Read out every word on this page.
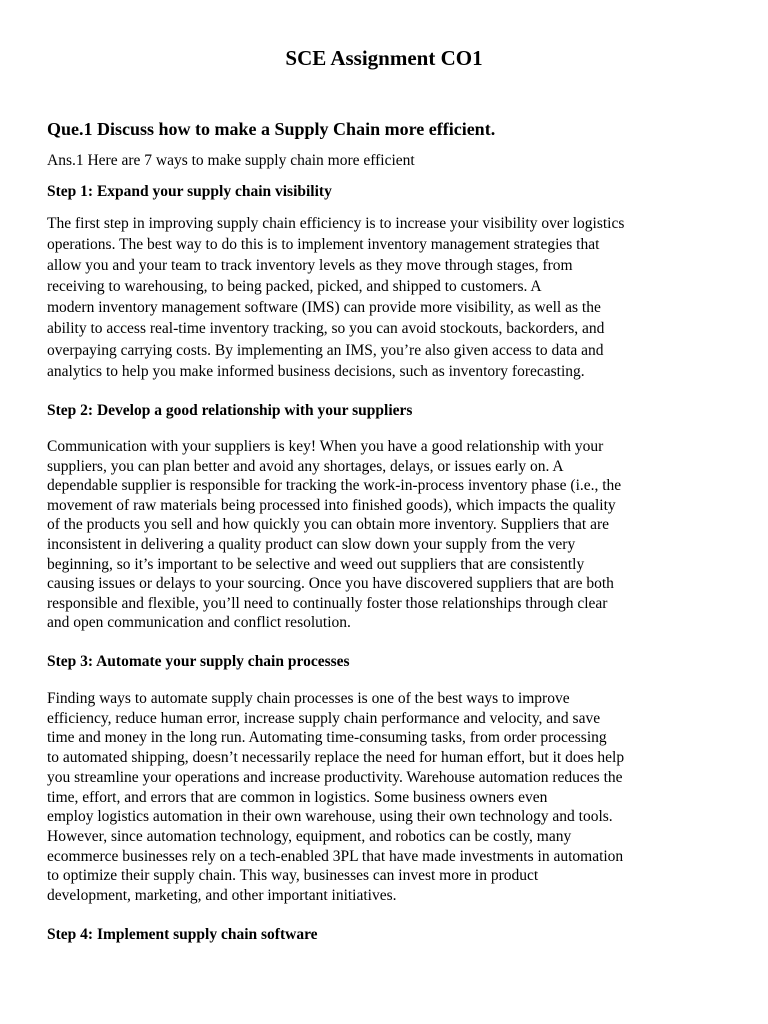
SCE Assignment CO1
Que.1 Discuss how to make a Supply Chain more efficient.

Ans.1 Here are 7 ways to make supply chain more efficient

Step 1: Expand your supply chain visibility
The first step in improving supply chain efficiency is to increase your visibility over logistics
operations. The best way to do this is to implement inventory management strategies that
allow you and your team to track inventory levels as they move through stages, from
receiving to warehousing, to being packed, picked, and shipped to customers. A
modern inventory management software (IMS) can provide more visibility, as well as the
ability to access real-time inventory tracking, so you can avoid stockouts, backorders, and
overpaying carrying costs. By implementing an IMS, you’re also given access to data and
analytics to help you make informed business decisions, such as inventory forecasting.
Step 2: Develop a good relationship with your suppliers
Communication with your suppliers is key! When you have a good relationship with your
suppliers, you can plan better and avoid any shortages, delays, or issues early on. A
dependable supplier is responsible for tracking the work-in-process inventory phase (i.e., the
movement of raw materials being processed into finished goods), which impacts the quality
of the products you sell and how quickly you can obtain more inventory. Suppliers that are
inconsistent in delivering a quality product can slow down your supply from the very
beginning, so it’s important to be selective and weed out suppliers that are consistently
causing issues or delays to your sourcing. Once you have discovered suppliers that are both
responsible and flexible, you’ll need to continually foster those relationships through clear
and open communication and conflict resolution.
Step 3: Automate your supply chain processes
Finding ways to automate supply chain processes is one of the best ways to improve
efficiency, reduce human error, increase supply chain performance and velocity, and save
time and money in the long run. Automating time-consuming tasks, from order processing
to automated shipping, doesn’t necessarily replace the need for human effort, but it does help
you streamline your operations and increase productivity. Warehouse automation reduces the
time, effort, and errors that are common in logistics. Some business owners even
employ logistics automation in their own warehouse, using their own technology and tools.
However, since automation technology, equipment, and robotics can be costly, many
ecommerce businesses rely on a tech-enabled 3PL that have made investments in automation
to optimize their supply chain. This way, businesses can invest more in product
development, marketing, and other important initiatives.
Step 4: Implement supply chain software
